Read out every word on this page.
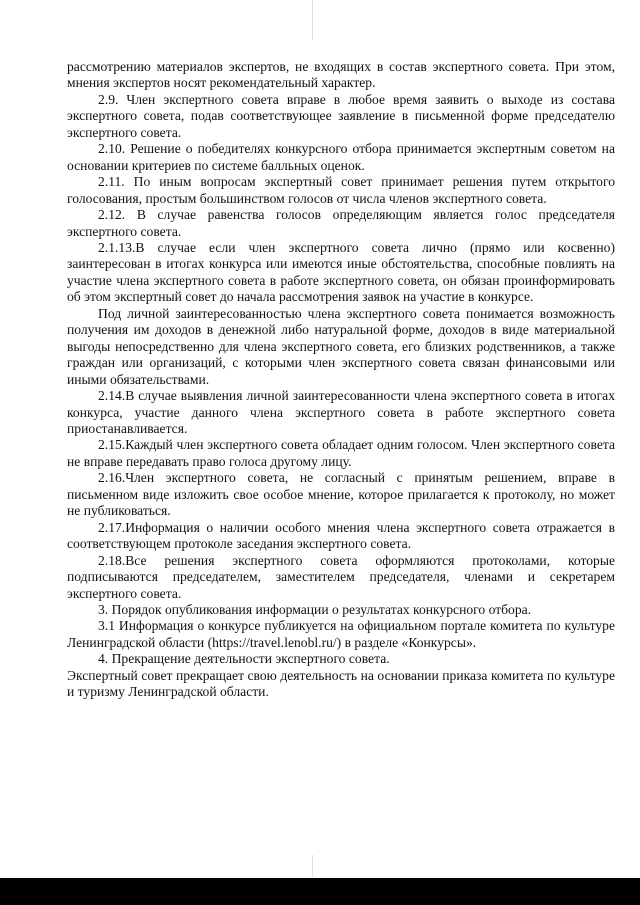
рассмотрению материалов экспертов, не входящих в состав экспертного совета. При этом, мнения экспертов носят рекомендательный характер.

2.9. Член экспертного совета вправе в любое время заявить о выходе из состава экспертного совета, подав соответствующее заявление в письменной форме председателю экспертного совета.

2.10. Решение о победителях конкурсного отбора принимается экспертным советом на основании критериев по системе балльных оценок.

2.11. По иным вопросам экспертный совет принимает решения путем открытого голосования, простым большинством голосов от числа членов экспертного совета.

2.12. В случае равенства голосов определяющим является голос председателя экспертного совета.

2.1.13.В случае если член экспертного совета лично (прямо или косвенно) заинтересован в итогах конкурса или имеются иные обстоятельства, способные повлиять на участие члена экспертного совета в работе экспертного совета, он обязан проинформировать об этом экспертный совет до начала рассмотрения заявок на участие в конкурсе.

Под личной заинтересованностью члена экспертного совета понимается возможность получения им доходов в денежной либо натуральной форме, доходов в виде материальной выгоды непосредственно для члена экспертного совета, его близких родственников, а также граждан или организаций, с которыми член экспертного совета связан финансовыми или иными обязательствами.

2.14.В случае выявления личной заинтересованности члена экспертного совета в итогах конкурса, участие данного члена экспертного совета в работе экспертного совета приостанавливается.

2.15.Каждый член экспертного совета обладает одним голосом. Член экспертного совета не вправе передавать право голоса другому лицу.

2.16.Член экспертного совета, не согласный с принятым решением, вправе в письменном виде изложить свое особое мнение, которое прилагается к протоколу, но может не публиковаться.

2.17.Информация о наличии особого мнения члена экспертного совета отражается в соответствующем протоколе заседания экспертного совета.

2.18.Все решения экспертного совета оформляются протоколами, которые подписываются председателем, заместителем председателя, членами и секретарем экспертного совета.

3. Порядок опубликования информации о результатах конкурсного отбора.

3.1 Информация о конкурсе публикуется на официальном портале комитета по культуре Ленинградской области (https://travel.lenobl.ru/) в разделе «Конкурсы».

4. Прекращение деятельности экспертного совета.

Экспертный совет прекращает свою деятельность на основании приказа комитета по культуре и туризму Ленинградской области.
